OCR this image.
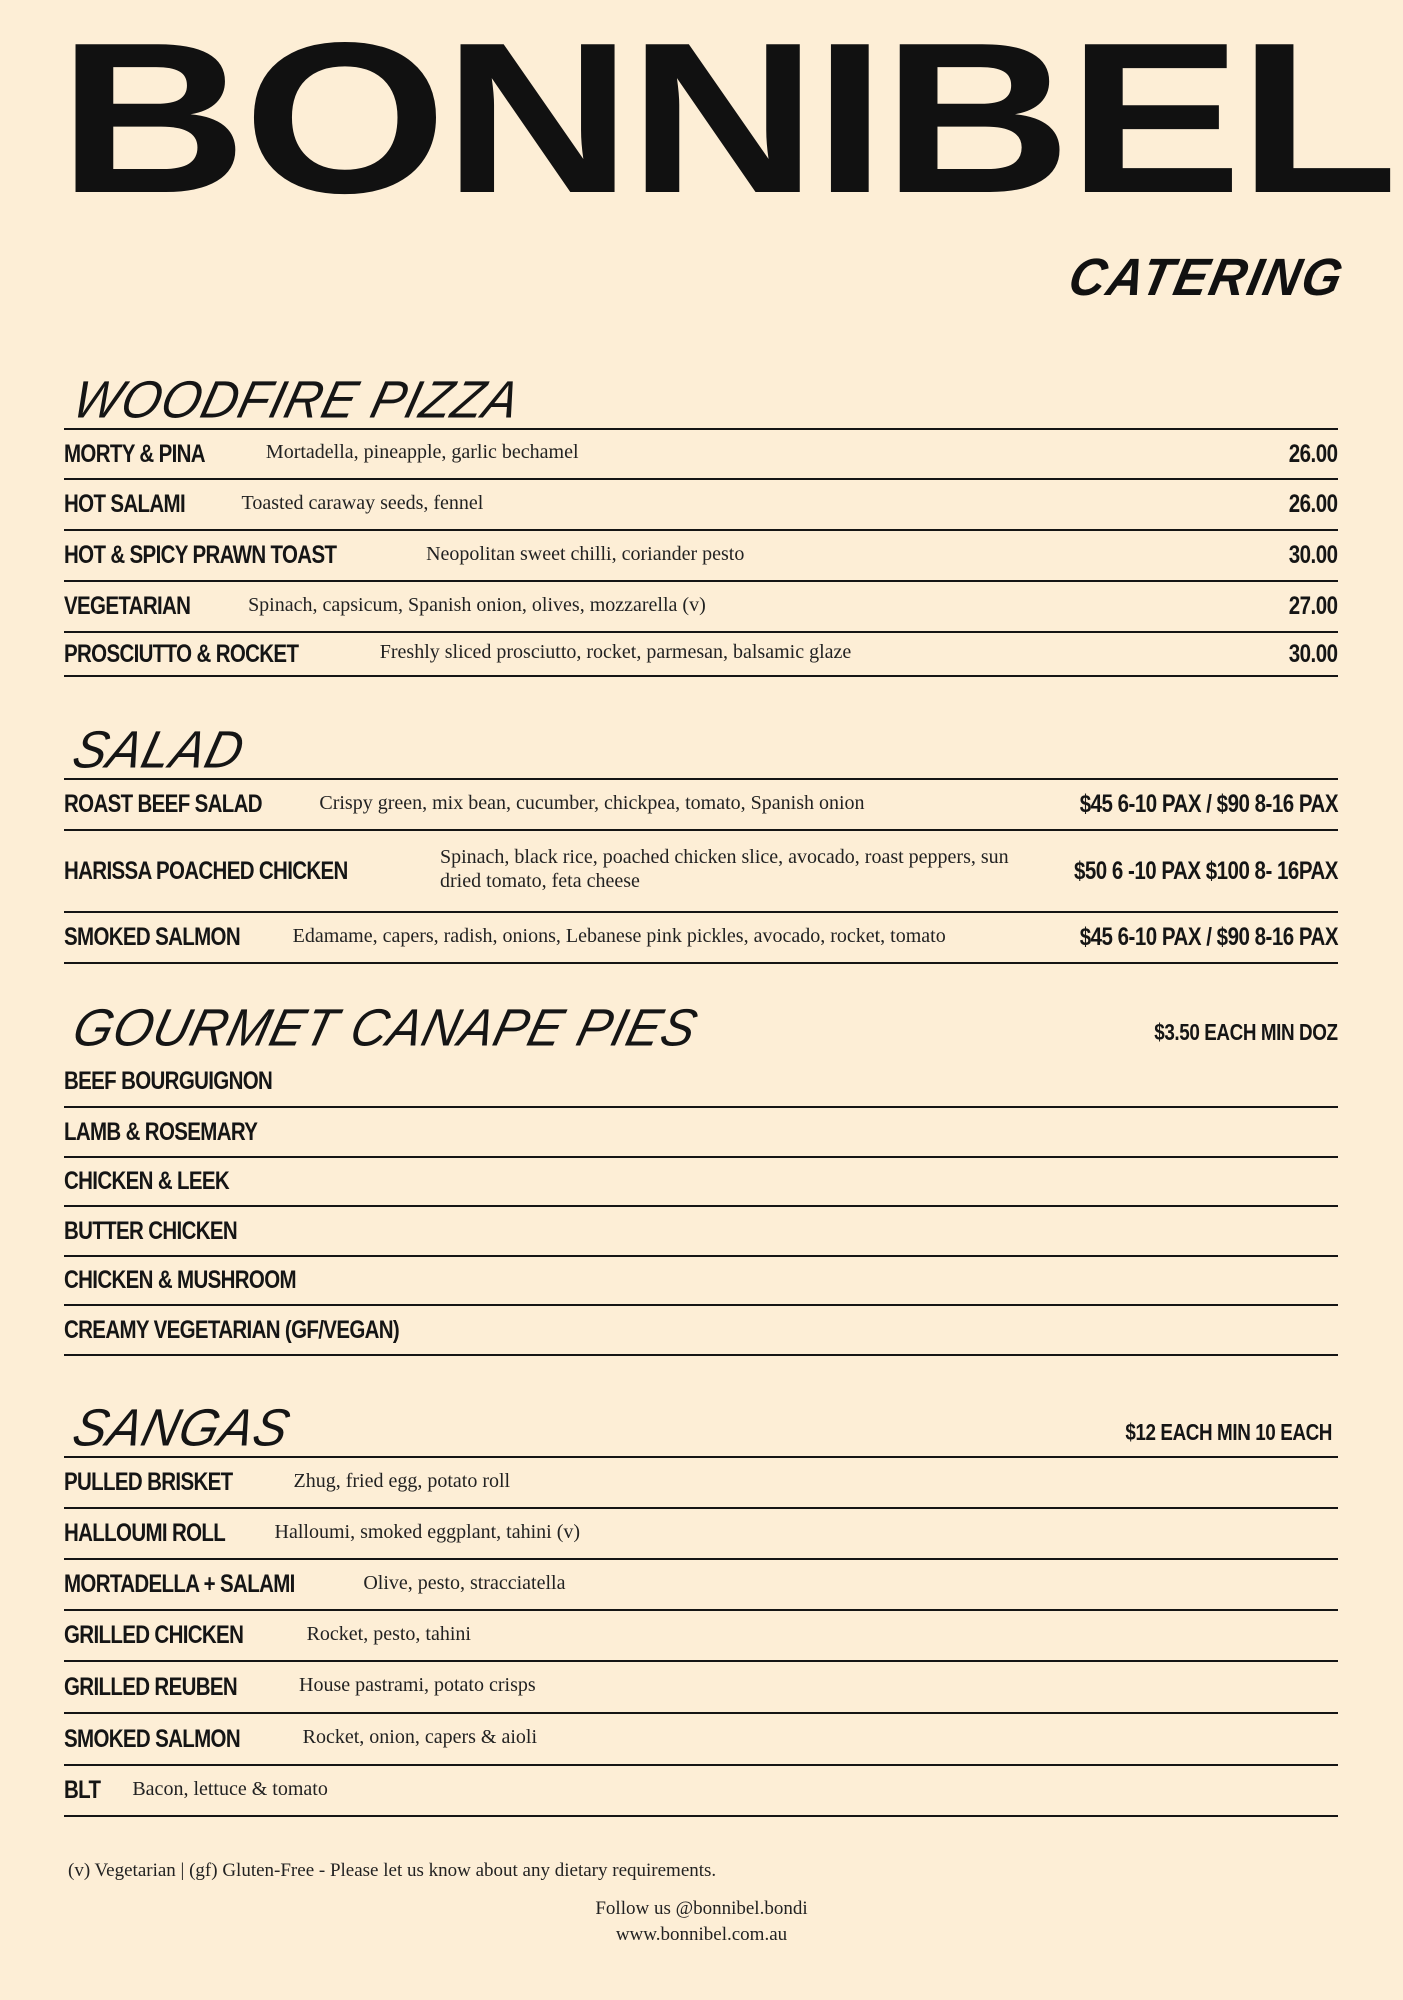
BONNIBEL
CATERING
WOODFIRE PIZZA
MORTY & PINA	Mortadella, pineapple, garlic bechamel	26.00
HOT SALAMI	Toasted caraway seeds, fennel	26.00
HOT & SPICY PRAWN TOAST	Neopolitan sweet chilli, coriander pesto	30.00
VEGETARIAN	Spinach, capsicum, Spanish onion, olives, mozzarella (v)	27.00
PROSCIUTTO & ROCKET	Freshly sliced prosciutto, rocket, parmesan, balsamic glaze	30.00
SALAD
ROAST BEEF SALAD	Crispy green, mix bean, cucumber, chickpea, tomato, Spanish onion	$45 6-10 PAX / $90 8-16 PAX
HARISSA POACHED CHICKEN	Spinach, black rice, poached chicken slice, avocado, roast peppers, sun dried tomato, feta cheese	$50 6 -10 PAX $100 8- 16PAX
SMOKED SALMON	Edamame, capers, radish, onions, Lebanese pink pickles, avocado, rocket, tomato	$45 6-10 PAX / $90 8-16 PAX
GOURMET CANAPE PIES	$3.50 EACH MIN DOZ
BEEF BOURGUIGNON
LAMB & ROSEMARY
CHICKEN & LEEK
BUTTER CHICKEN
CHICKEN & MUSHROOM
CREAMY VEGETARIAN (GF/VEGAN)
SANGAS	$12 EACH MIN 10 EACH
PULLED BRISKET	Zhug, fried egg, potato roll
HALLOUMI ROLL Halloumi, smoked eggplant, tahini (v)
MORTADELLA + SALAMI	Olive, pesto, stracciatella
GRILLED CHICKEN	Rocket, pesto, tahini
GRILLED REUBEN	House pastrami, potato crisps
SMOKED SALMON	Rocket, onion, capers & aioli
BLT Bacon, lettuce & tomato
(v) Vegetarian | (gf) Gluten-Free - Please let us know about any dietary requirements.
Follow us @bonnibel.bondi
www.bonnibel.com.au
